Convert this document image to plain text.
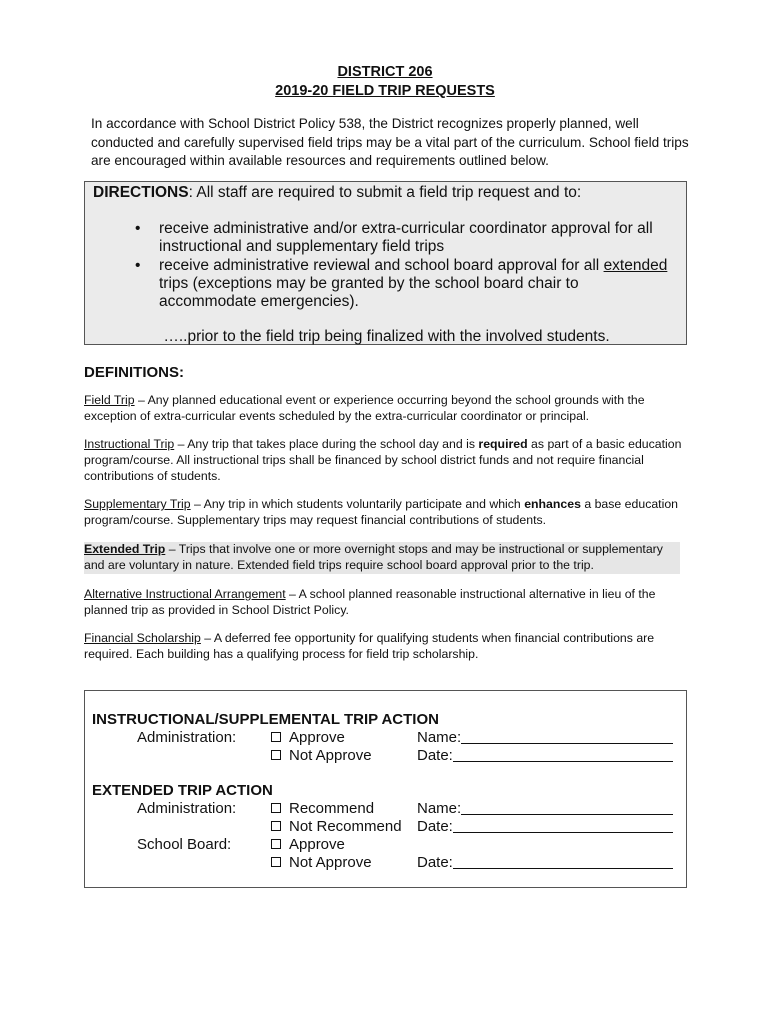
DISTRICT 206
2019-20 FIELD TRIP REQUESTS

In accordance with School District Policy 538, the District recognizes properly planned, well conducted and carefully supervised field trips may be a vital part of the curriculum. School field trips are encouraged within available resources and requirements outlined below.

DIRECTIONS: All staff are required to submit a field trip request and to:
• receive administrative and/or extra-curricular coordinator approval for all instructional and supplementary field trips
• receive administrative reviewal and school board approval for all extended trips (exceptions may be granted by the school board chair to accommodate emergencies).
…..prior to the field trip being finalized with the involved students.
DEFINITIONS:

Field Trip – Any planned educational event or experience occurring beyond the school grounds with the exception of extra-curricular events scheduled by the extra-curricular coordinator or principal.

Instructional Trip – Any trip that takes place during the school day and is required as part of a basic education program/course. All instructional trips shall be financed by school district funds and not require financial contributions of students.

Supplementary Trip – Any trip in which students voluntarily participate and which enhances a base education program/course. Supplementary trips may request financial contributions of students.

Extended Trip – Trips that involve one or more overnight stops and may be instructional or supplementary and are voluntary in nature. Extended field trips require school board approval prior to the trip.

Alternative Instructional Arrangement – A school planned reasonable instructional alternative in lieu of the planned trip as provided in School District Policy.

Financial Scholarship – A deferred fee opportunity for qualifying students when financial contributions are required. Each building has a qualifying process for field trip scholarship.

INSTRUCTIONAL/SUPPLEMENTAL TRIP ACTION
Administration:	Approve	Name:
Not Approve	Date:
EXTENDED TRIP ACTION
Administration:	Recommend	Name:
Not Recommend Date:
School Board:	Approve
Not Approve	Date:
